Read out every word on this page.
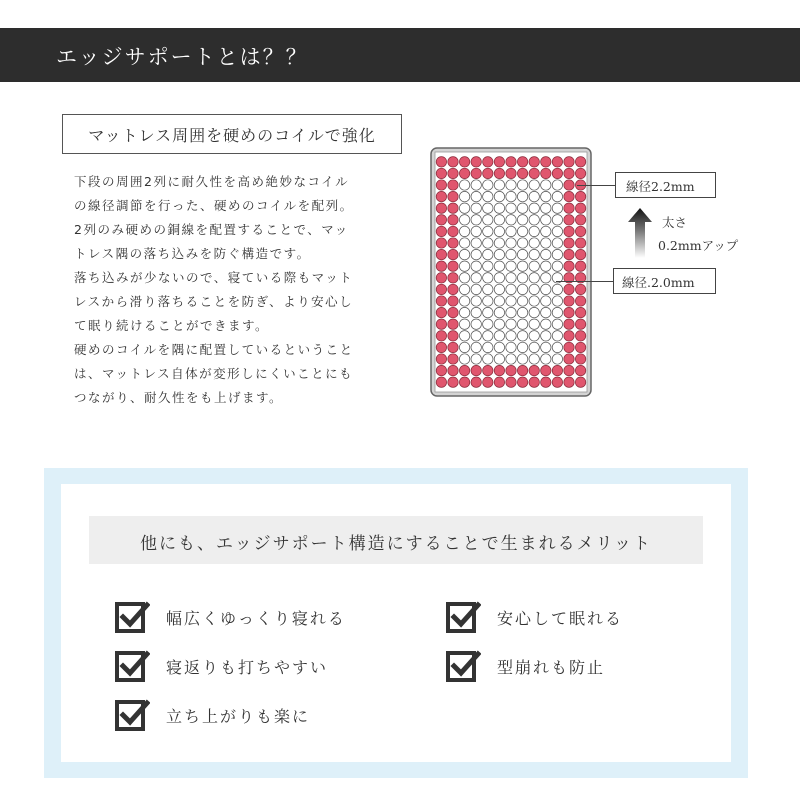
エッジサポートとは？？
マットレス周囲を硬めのコイルで強化

下段の周囲2列に耐久性を高め絶妙なコイル

の線径調節を行った、硬めのコイルを配列。

2列のみ硬めの銅線を配置することで、マッ

トレス隅の落ち込みを防ぐ構造です。

落ち込みが少ないので、寝ている際もマット

レスから滑り落ちることを防ぎ、より安心し

て眠り続けることができます。

硬めのコイルを隅に配置しているということ

は、マットレス自体が変形しにくいことにも

つながり、耐久性をも上げます。

線径2.2mm
太さ
0.2mmアップ
線径.2.0mm
他にも、エッジサポート構造にすることで生まれるメリット
幅広くゆっくり寝れる	安心して眠れる
寝返りも打ちやすい	型崩れも防止
立ち上がりも楽に
